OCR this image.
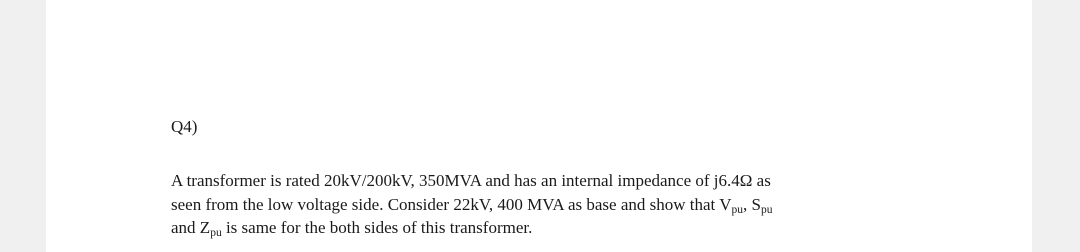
Q4)

A transformer is rated 20kV/200kV, 350MVA and has an internal impedance of j6.4Ω as
seen from the low voltage side. Consider 22kV, 400 MVA as base and show that $V_{pu}$, $S_{pu}$
and $Z_{pu}$ is same for the both sides of this transformer.
